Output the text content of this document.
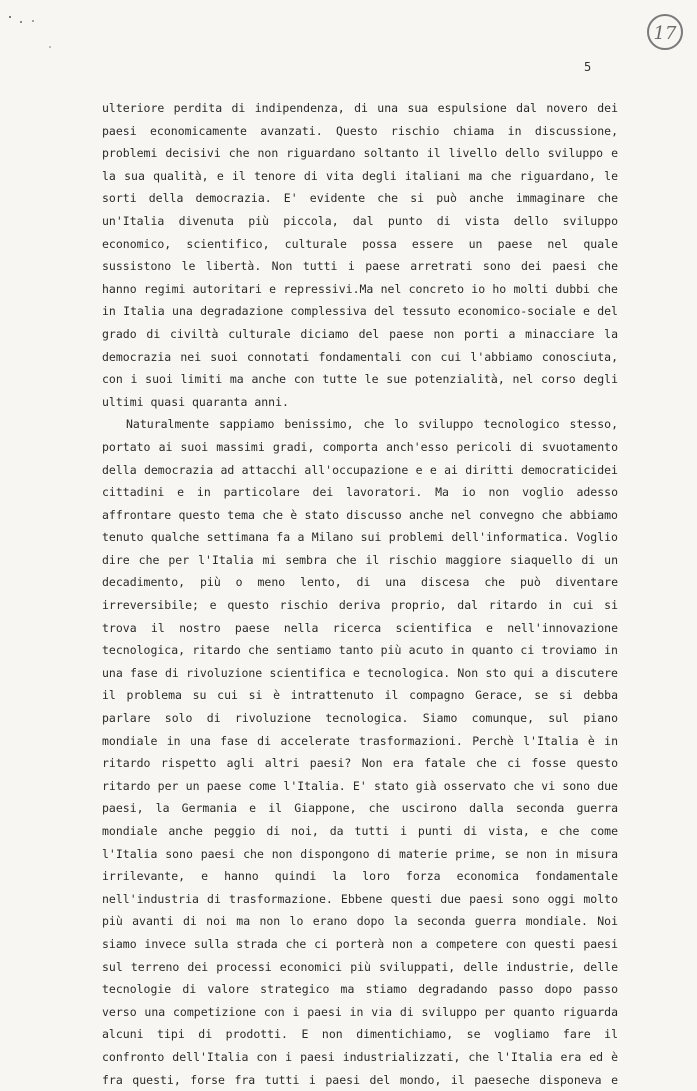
17
5
ulteriore perdita di indipendenza, di una sua espulsione dal novero dei
paesi economicamente avanzati. Questo rischio chiama in discussione,
problemi decisivi che non riguardano soltanto il livello dello sviluppo e
la sua qualità, e il tenore di vita degli italiani ma che riguardano, le
sorti della democrazia. E' evidente che si può anche immaginare che
un'Italia divenuta più piccola, dal punto di vista dello sviluppo
economico, scientifico, culturale possa essere un paese nel quale
sussistono le libertà. Non tutti i paese arretrati sono dei paesi che
hanno regimi autoritari e repressivi.Ma nel concreto io ho molti dubbi che
in Italia una degradazione complessiva del tessuto economico-sociale e del
grado di civiltà culturale diciamo del paese non porti a minacciare la
democrazia nei suoi connotati fondamentali con cui l'abbiamo conosciuta,
con i suoi limiti ma anche con tutte le sue potenzialità, nel corso degli
ultimi quasi quaranta anni.
Naturalmente sappiamo benissimo, che lo sviluppo tecnologico stesso,
portato ai suoi massimi gradi, comporta anch'esso pericoli di svuotamento
della democrazia ad attacchi all'occupazione e e ai diritti democraticidei
cittadini e in particolare dei lavoratori. Ma io non voglio adesso
affrontare questo tema che è stato discusso anche nel convegno che abbiamo
tenuto qualche settimana fa a Milano sui problemi dell'informatica. Voglio
dire che per l'Italia mi sembra che il rischio maggiore siaquello di un
decadimento, più o meno lento, di una discesa che può diventare
irreversibile; e questo rischio deriva proprio, dal ritardo in cui si
trova il nostro paese nella ricerca scientifica e nell'innovazione
tecnologica, ritardo che sentiamo tanto più acuto in quanto ci troviamo in
una fase di rivoluzione scientifica e tecnologica. Non sto qui a discutere
il problema su cui si è intrattenuto il compagno Gerace, se si debba
parlare solo di rivoluzione tecnologica. Siamo comunque, sul piano
mondiale in una fase di accelerate trasformazioni. Perchè l'Italia è in
ritardo rispetto agli altri paesi? Non era fatale che ci fosse questo
ritardo per un paese come l'Italia. E' stato già osservato che vi sono due
paesi, la Germania e il Giappone, che uscirono dalla seconda guerra
mondiale anche peggio di noi, da tutti i punti di vista, e che come
l'Italia sono paesi che non dispongono di materie prime, se non in misura
irrilevante, e hanno quindi la loro forza economica fondamentale
nell'industria di trasformazione. Ebbene questi due paesi sono oggi molto
più avanti di noi ma non lo erano dopo la seconda guerra mondiale. Noi
siamo invece sulla strada che ci porterà non a competere con questi paesi
sul terreno dei processi economici più sviluppati, delle industrie, delle
tecnologie di valore strategico ma stiamo degradando passo dopo passo
verso una competizione con i paesi in via di sviluppo per quanto riguarda
alcuni tipi di prodotti. E non dimentichiamo, se vogliamo fare il
confronto dell'Italia con i paesi industrializzati, che l'Italia era ed è
fra questi, forse fra tutti i paesi del mondo, il paeseche disponeva e
